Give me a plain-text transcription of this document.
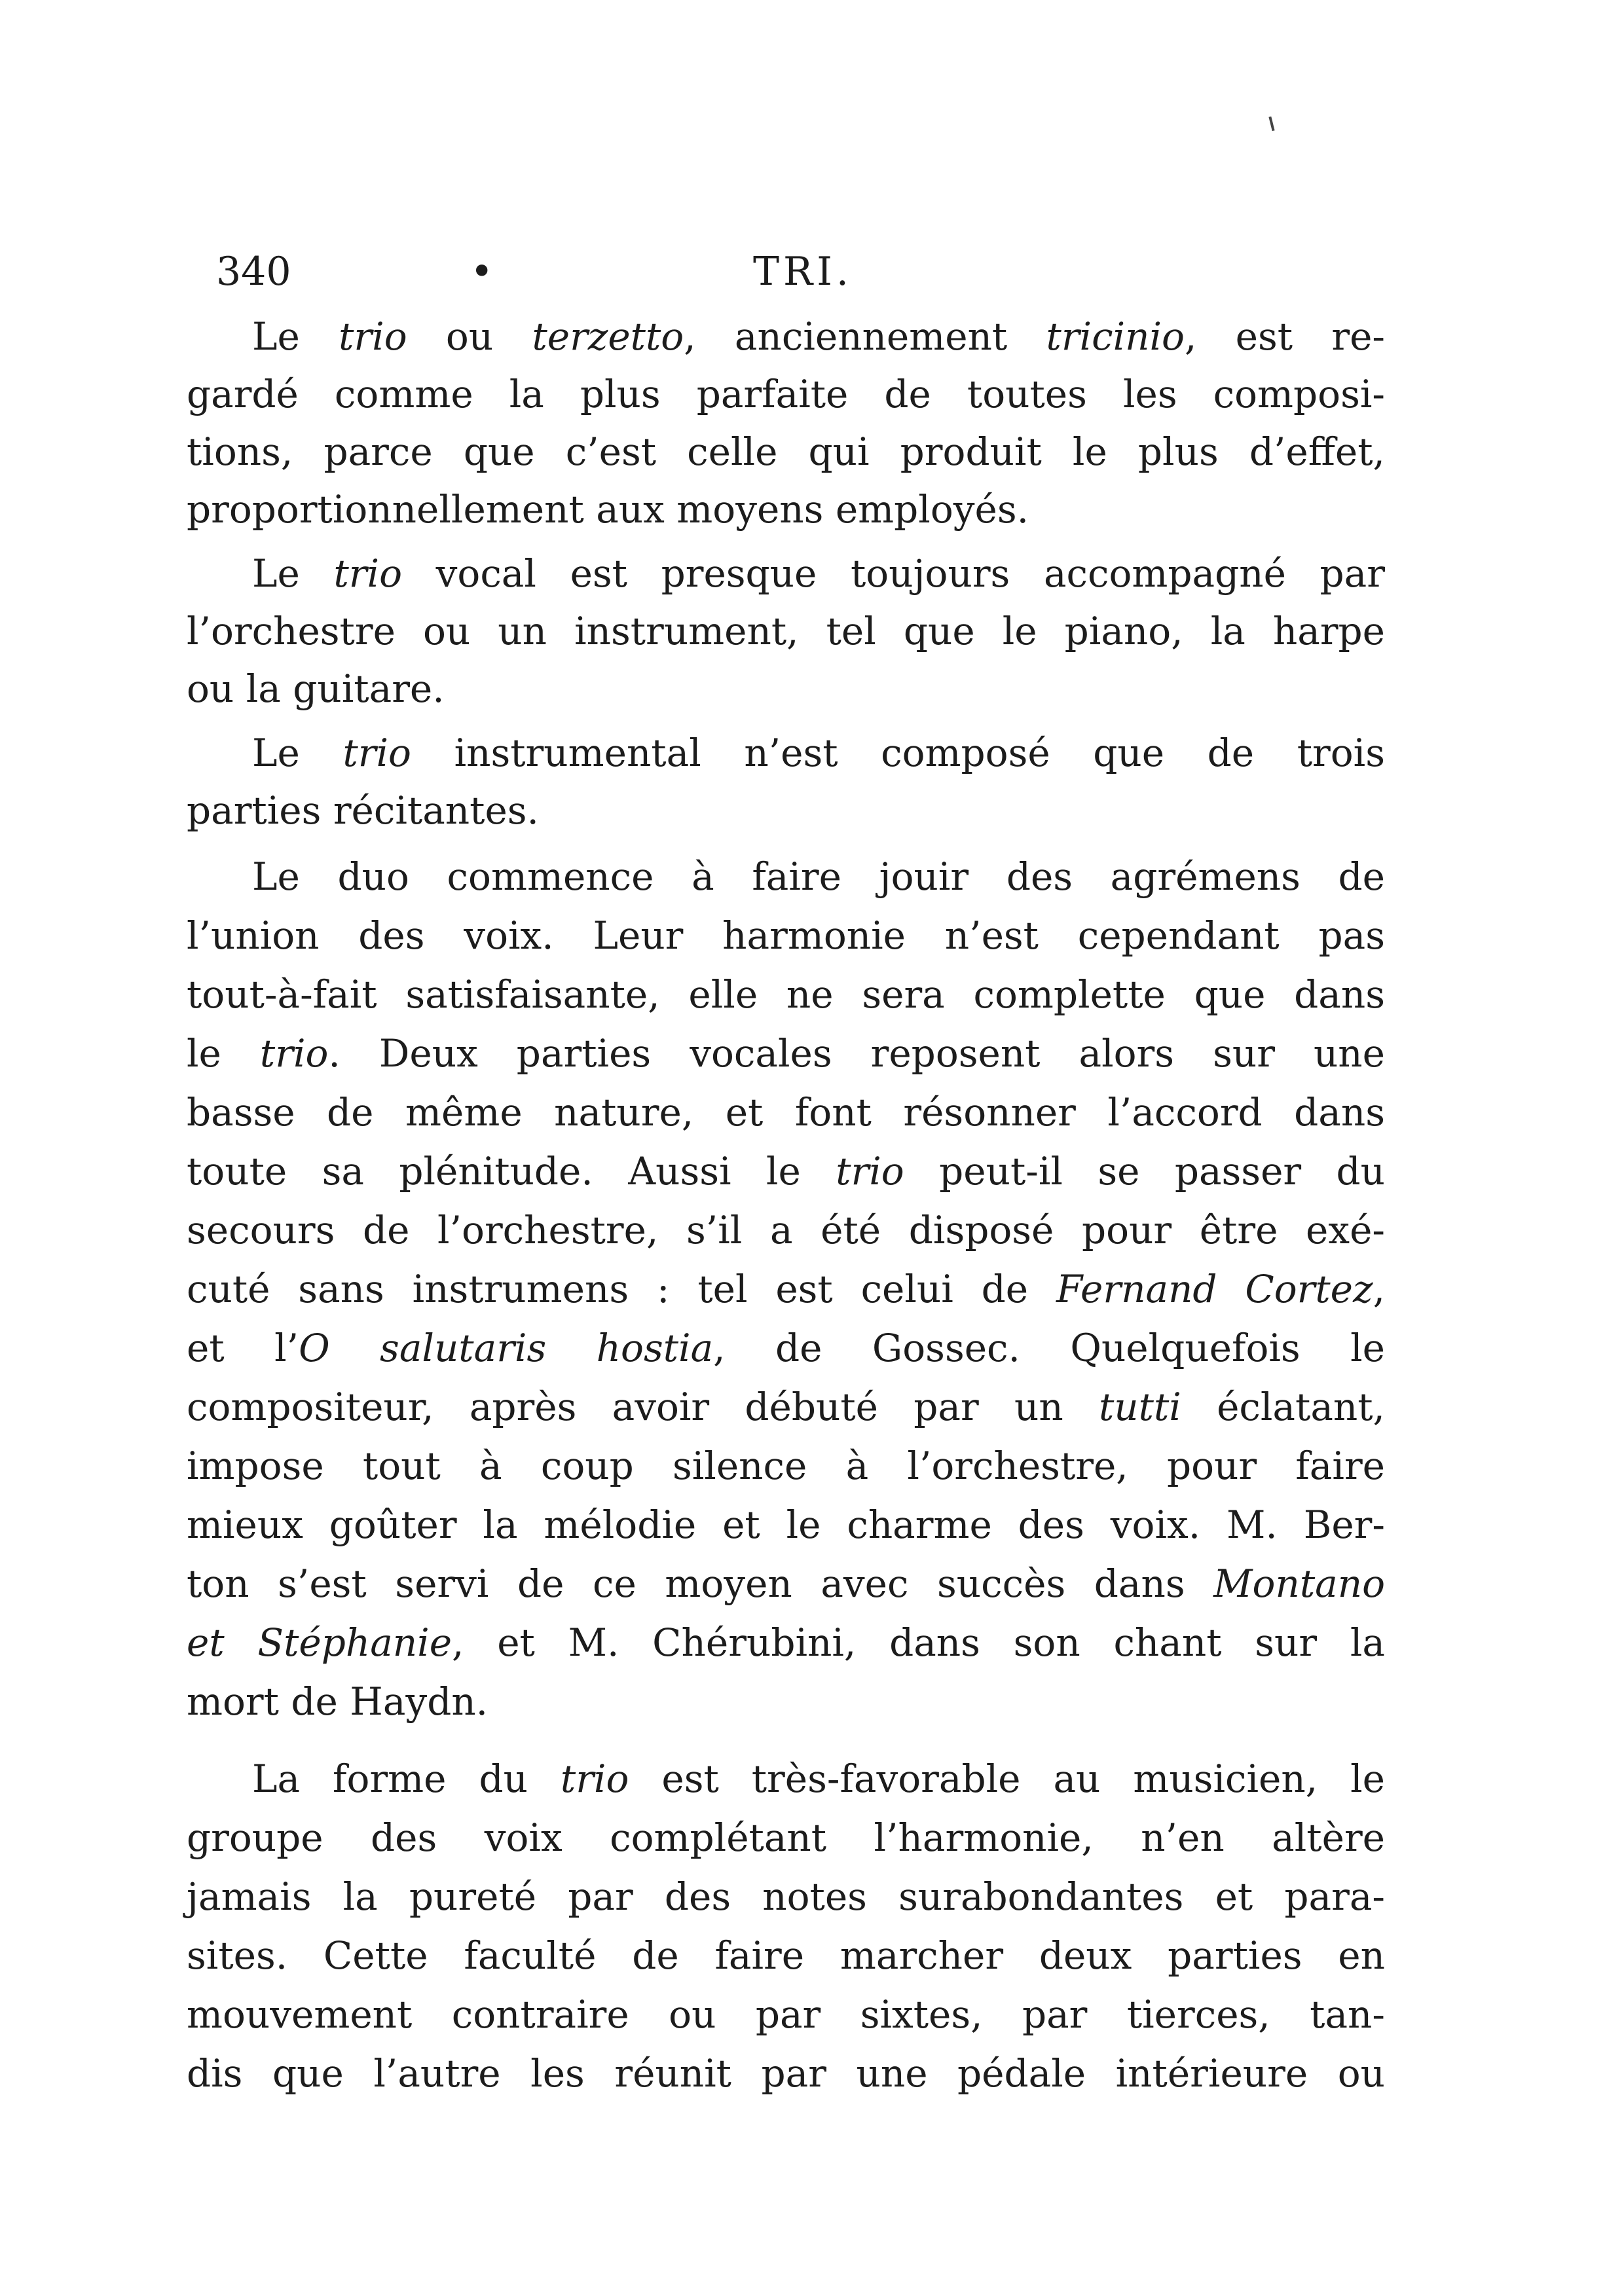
340	•	TRI.
Le trio ou terzetto, anciennement tricinio, est re-
gardé comme la plus parfaite de toutes les composi-
tions, parce que c’est celle qui produit le plus d’effet,
proportionnellement aux moyens employés.
Le trio vocal est presque toujours accompagné par
l’orchestre ou un instrument, tel que le piano, la harpe
ou la guitare.
Le trio instrumental n’est composé que de trois
parties récitantes.
Le duo commence à faire jouir des agrémens de
l’union des voix. Leur harmonie n’est cependant pas
tout-à-fait satisfaisante, elle ne sera complette que dans
le trio. Deux parties vocales reposent alors sur une
basse de même nature, et font résonner l’accord dans
toute sa plénitude. Aussi le trio peut-il se passer du
secours de l’orchestre, s’il a été disposé pour être exé-
cuté sans instrumens : tel est celui de Fernand Cortez,
et l’O salutaris hostia, de Gossec. Quelquefois le
compositeur, après avoir débuté par un tutti éclatant,
impose tout à coup silence à l’orchestre, pour faire
mieux goûter la mélodie et le charme des voix. M. Ber-
ton s’est servi de ce moyen avec succès dans Montano
et Stéphanie, et M. Chérubini, dans son chant sur la
mort de Haydn.
La forme du trio est très-favorable au musicien, le
groupe des voix complétant l’harmonie, n’en altère
jamais la pureté par des notes surabondantes et para-
sites. Cette faculté de faire marcher deux parties en
mouvement contraire ou par sixtes, par tierces, tan-
dis que l’autre les réunit par une pédale intérieure ou
